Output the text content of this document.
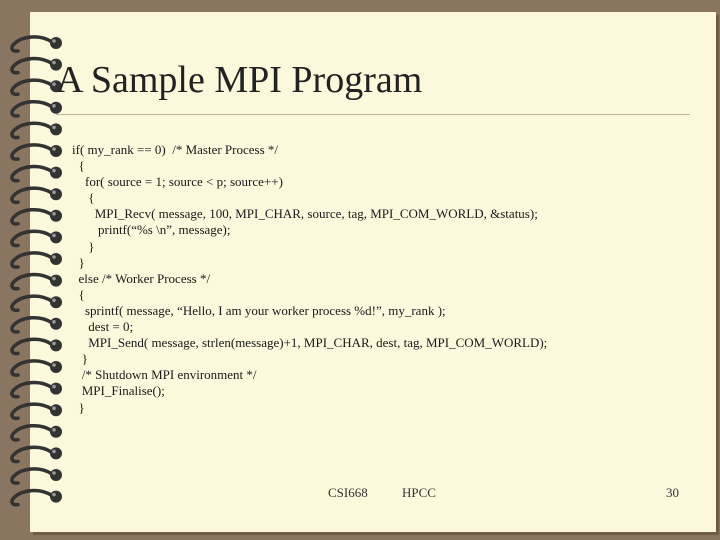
A Sample MPI Program
if( my_rank == 0)  /* Master Process */
{
for( source = 1; source < p; source++)
{
MPI_Recv( message, 100, MPI_CHAR, source, tag, MPI_COM_WORLD, &status);
printf(“%s \n”, message);
}
}
else /* Worker Process */
{
sprintf( message, “Hello, I am your worker process %d!”, my_rank );
dest = 0;
MPI_Send( message, strlen(message)+1, MPI_CHAR, dest, tag, MPI_COM_WORLD);
}
/* Shutdown MPI environment */
MPI_Finalise();
}
CSI668	HPCC	30
